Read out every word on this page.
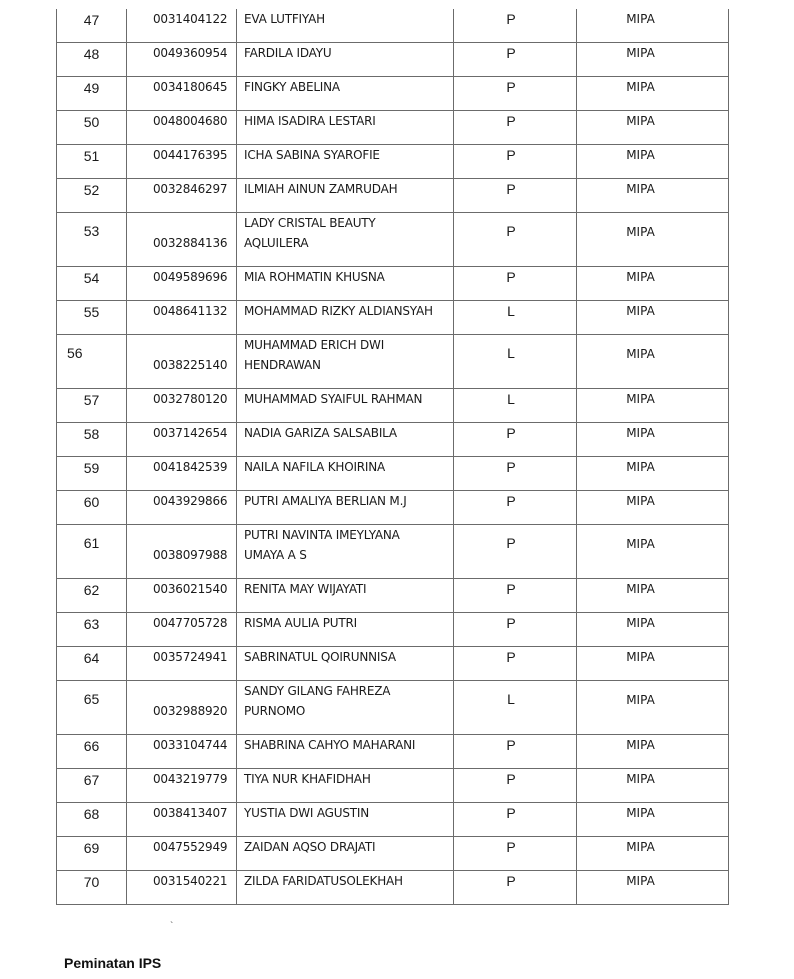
47	0031404122	EVA LUTFIYAH	P	MIPA

48	0049360954	FARDILA IDAYU	P	MIPA

49	0034180645	FINGKY ABELINA	P	MIPA

50	0048004680	HIMA ISADIRA LESTARI	P	MIPA

51	0044176395	ICHA SABINA SYAROFIE	P	MIPA

52	0032846297	ILMIAH AINUN ZAMRUDAH	P	MIPA

53	0032884136	LADY CRISTAL BEAUTY
AQLUILERA	P	MIPA

54	0049589696	MIA ROHMATIN KHUSNA	P	MIPA

55	0048641132	MOHAMMAD RIZKY ALDIANSYAH	L	MIPA

56	0038225140	MUHAMMAD ERICH DWI
HENDRAWAN	L	MIPA

57	0032780120	MUHAMMAD SYAIFUL RAHMAN	L	MIPA

58	0037142654	NADIA GARIZA SALSABILA	P	MIPA

59	0041842539	NAILA NAFILA KHOIRINA	P	MIPA

60	0043929866	PUTRI AMALIYA BERLIAN M.J	P	MIPA

61	0038097988	PUTRI NAVINTA IMEYLYANA
UMAYA A S	P	MIPA

62	0036021540	RENITA MAY WIJAYATI	P	MIPA

63	0047705728	RISMA AULIA PUTRI	P	MIPA

64	0035724941	SABRINATUL QOIRUNNISA	P	MIPA

65	0032988920	SANDY GILANG FAHREZA
PURNOMO	L	MIPA

66	0033104744	SHABRINA CAHYO MAHARANI	P	MIPA

67	0043219779	TIYA NUR KHAFIDHAH	P	MIPA

68	0038413407	YUSTIA DWI AGUSTIN	P	MIPA

69	0047552949	ZAIDAN AQSO DRAJATI	P	MIPA

70	0031540221	ZILDA FARIDATUSOLEKHAH	P	MIPA
`
Peminatan IPS
